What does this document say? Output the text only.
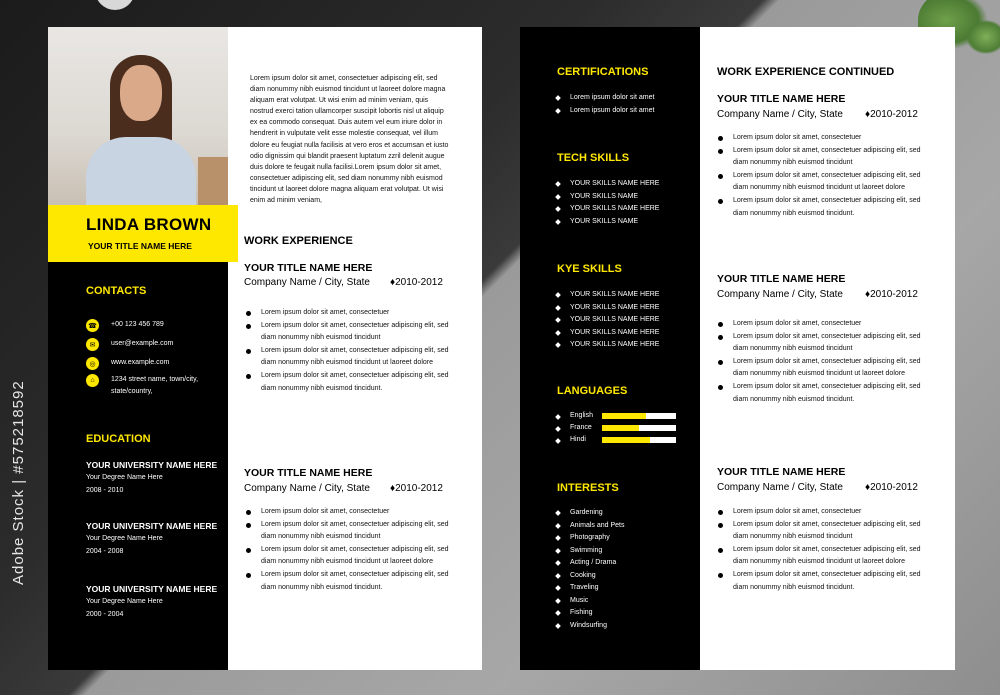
Adobe Stock | #575218592
CONTACTS
☎	+00 123 456 789
✉	user@example.com
◎	www.example.com
⌂	1234 street name, town/city, state/country,
EDUCATION
YOUR UNIVERSITY NAME HERE
Your Degree Name Here
2008 - 2010
YOUR UNIVERSITY NAME HERE
Your Degree Name Here
2004 - 2008
YOUR UNIVERSITY NAME HERE
Your Degree Name Here
2000 - 2004
LINDA BROWN
YOUR TITLE NAME HERE
Lorem ipsum dolor sit amet, consectetuer adipiscing elit, sed diam nonummy nibh euismod tincidunt ut laoreet dolore magna aliquam erat volutpat. Ut wisi enim ad minim veniam, quis nostrud exerci tation ullamcorper suscipit lobortis nisl ut aliquip ex ea commodo consequat. Duis autem vel eum iriure dolor in hendrerit in vulputate velit esse molestie consequat, vel illum dolore eu feugiat nulla facilisis at vero eros et accumsan et iusto odio dignissim qui blandit praesent luptatum zzril delenit augue duis dolore te feugait nulla facilisi.Lorem ipsum dolor sit amet, consectetuer adipiscing elit, sed diam nonummy nibh euismod tincidunt ut laoreet dolore magna aliquam erat volutpat. Ut wisi enim ad minim veniam,
WORK EXPERIENCE
YOUR TITLE NAME HERE
Company Name / City, State ♦2010-2012
Lorem ipsum dolor sit amet, consectetuer
Lorem ipsum dolor sit amet, consectetuer adipiscing elit, sed diam nonummy nibh euismod tincidunt
Lorem ipsum dolor sit amet, consectetuer adipiscing elit, sed diam nonummy nibh euismod tincidunt ut laoreet dolore
Lorem ipsum dolor sit amet, consectetuer adipiscing elit, sed diam nonummy nibh euismod tincidunt.
YOUR TITLE NAME HERE
Company Name / City, State ♦2010-2012
Lorem ipsum dolor sit amet, consectetuer
Lorem ipsum dolor sit amet, consectetuer adipiscing elit, sed diam nonummy nibh euismod tincidunt
Lorem ipsum dolor sit amet, consectetuer adipiscing elit, sed diam nonummy nibh euismod tincidunt ut laoreet dolore
Lorem ipsum dolor sit amet, consectetuer adipiscing elit, sed diam nonummy nibh euismod tincidunt.
CERTIFICATIONS
Lorem ipsum dolor sit amet
Lorem ipsum dolor sit amet
TECH SKILLS
YOUR SKILLS NAME HERE
YOUR SKILLS NAME
YOUR SKILLS NAME HERE
YOUR SKILLS NAME
KYE SKILLS
YOUR SKILLS NAME HERE
YOUR SKILLS NAME HERE
YOUR SKILLS NAME HERE
YOUR SKILLS NAME HERE
YOUR SKILLS NAME HERE
LANGUAGES
English
France
Hindi
INTERESTS
Gardening
Animals and Pets
Photography
Swimming
Acting / Drama
Cooking
Traveling
Music
Fishing
Windsurfing
WORK EXPERIENCE CONTINUED
YOUR TITLE NAME HERE
Company Name / City, State ♦2010-2012
Lorem ipsum dolor sit amet, consectetuer
Lorem ipsum dolor sit amet, consectetuer adipiscing elit, sed diam nonummy nibh euismod tincidunt
Lorem ipsum dolor sit amet, consectetuer adipiscing elit, sed diam nonummy nibh euismod tincidunt ut laoreet dolore
Lorem ipsum dolor sit amet, consectetuer adipiscing elit, sed diam nonummy nibh euismod tincidunt.
YOUR TITLE NAME HERE
Company Name / City, State ♦2010-2012
Lorem ipsum dolor sit amet, consectetuer
Lorem ipsum dolor sit amet, consectetuer adipiscing elit, sed diam nonummy nibh euismod tincidunt
Lorem ipsum dolor sit amet, consectetuer adipiscing elit, sed diam nonummy nibh euismod tincidunt ut laoreet dolore
Lorem ipsum dolor sit amet, consectetuer adipiscing elit, sed diam nonummy nibh euismod tincidunt.
YOUR TITLE NAME HERE
Company Name / City, State ♦2010-2012
Lorem ipsum dolor sit amet, consectetuer
Lorem ipsum dolor sit amet, consectetuer adipiscing elit, sed diam nonummy nibh euismod tincidunt
Lorem ipsum dolor sit amet, consectetuer adipiscing elit, sed diam nonummy nibh euismod tincidunt ut laoreet dolore
Lorem ipsum dolor sit amet, consectetuer adipiscing elit, sed diam nonummy nibh euismod tincidunt.
